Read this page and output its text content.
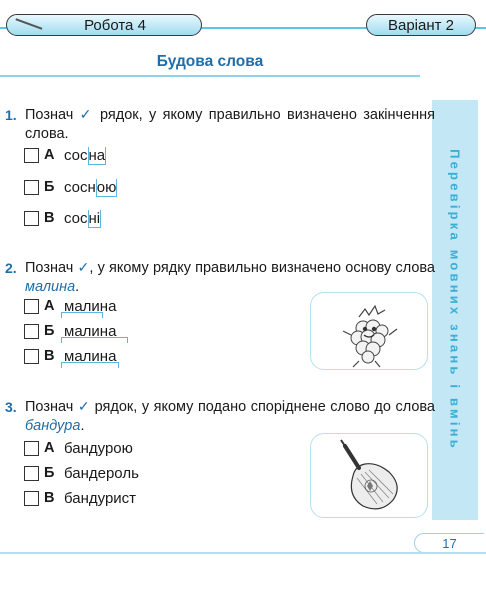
Робота 4	Варіант 2
Будова слова
Перевірка мовних знань і вмінь
1. Познач ✓ рядок, у якому правильно визначено закінчення слова.
А сосна
Б сосною
В сосні
2. Познач ✓, у якому рядку правильно визначено основу слова малина.
А малина
Б малина
В малина
3. Познач ✓ рядок, у якому подано споріднене слово до слова бандура.
А бандурою
Б бандероль
В бандурист
17
